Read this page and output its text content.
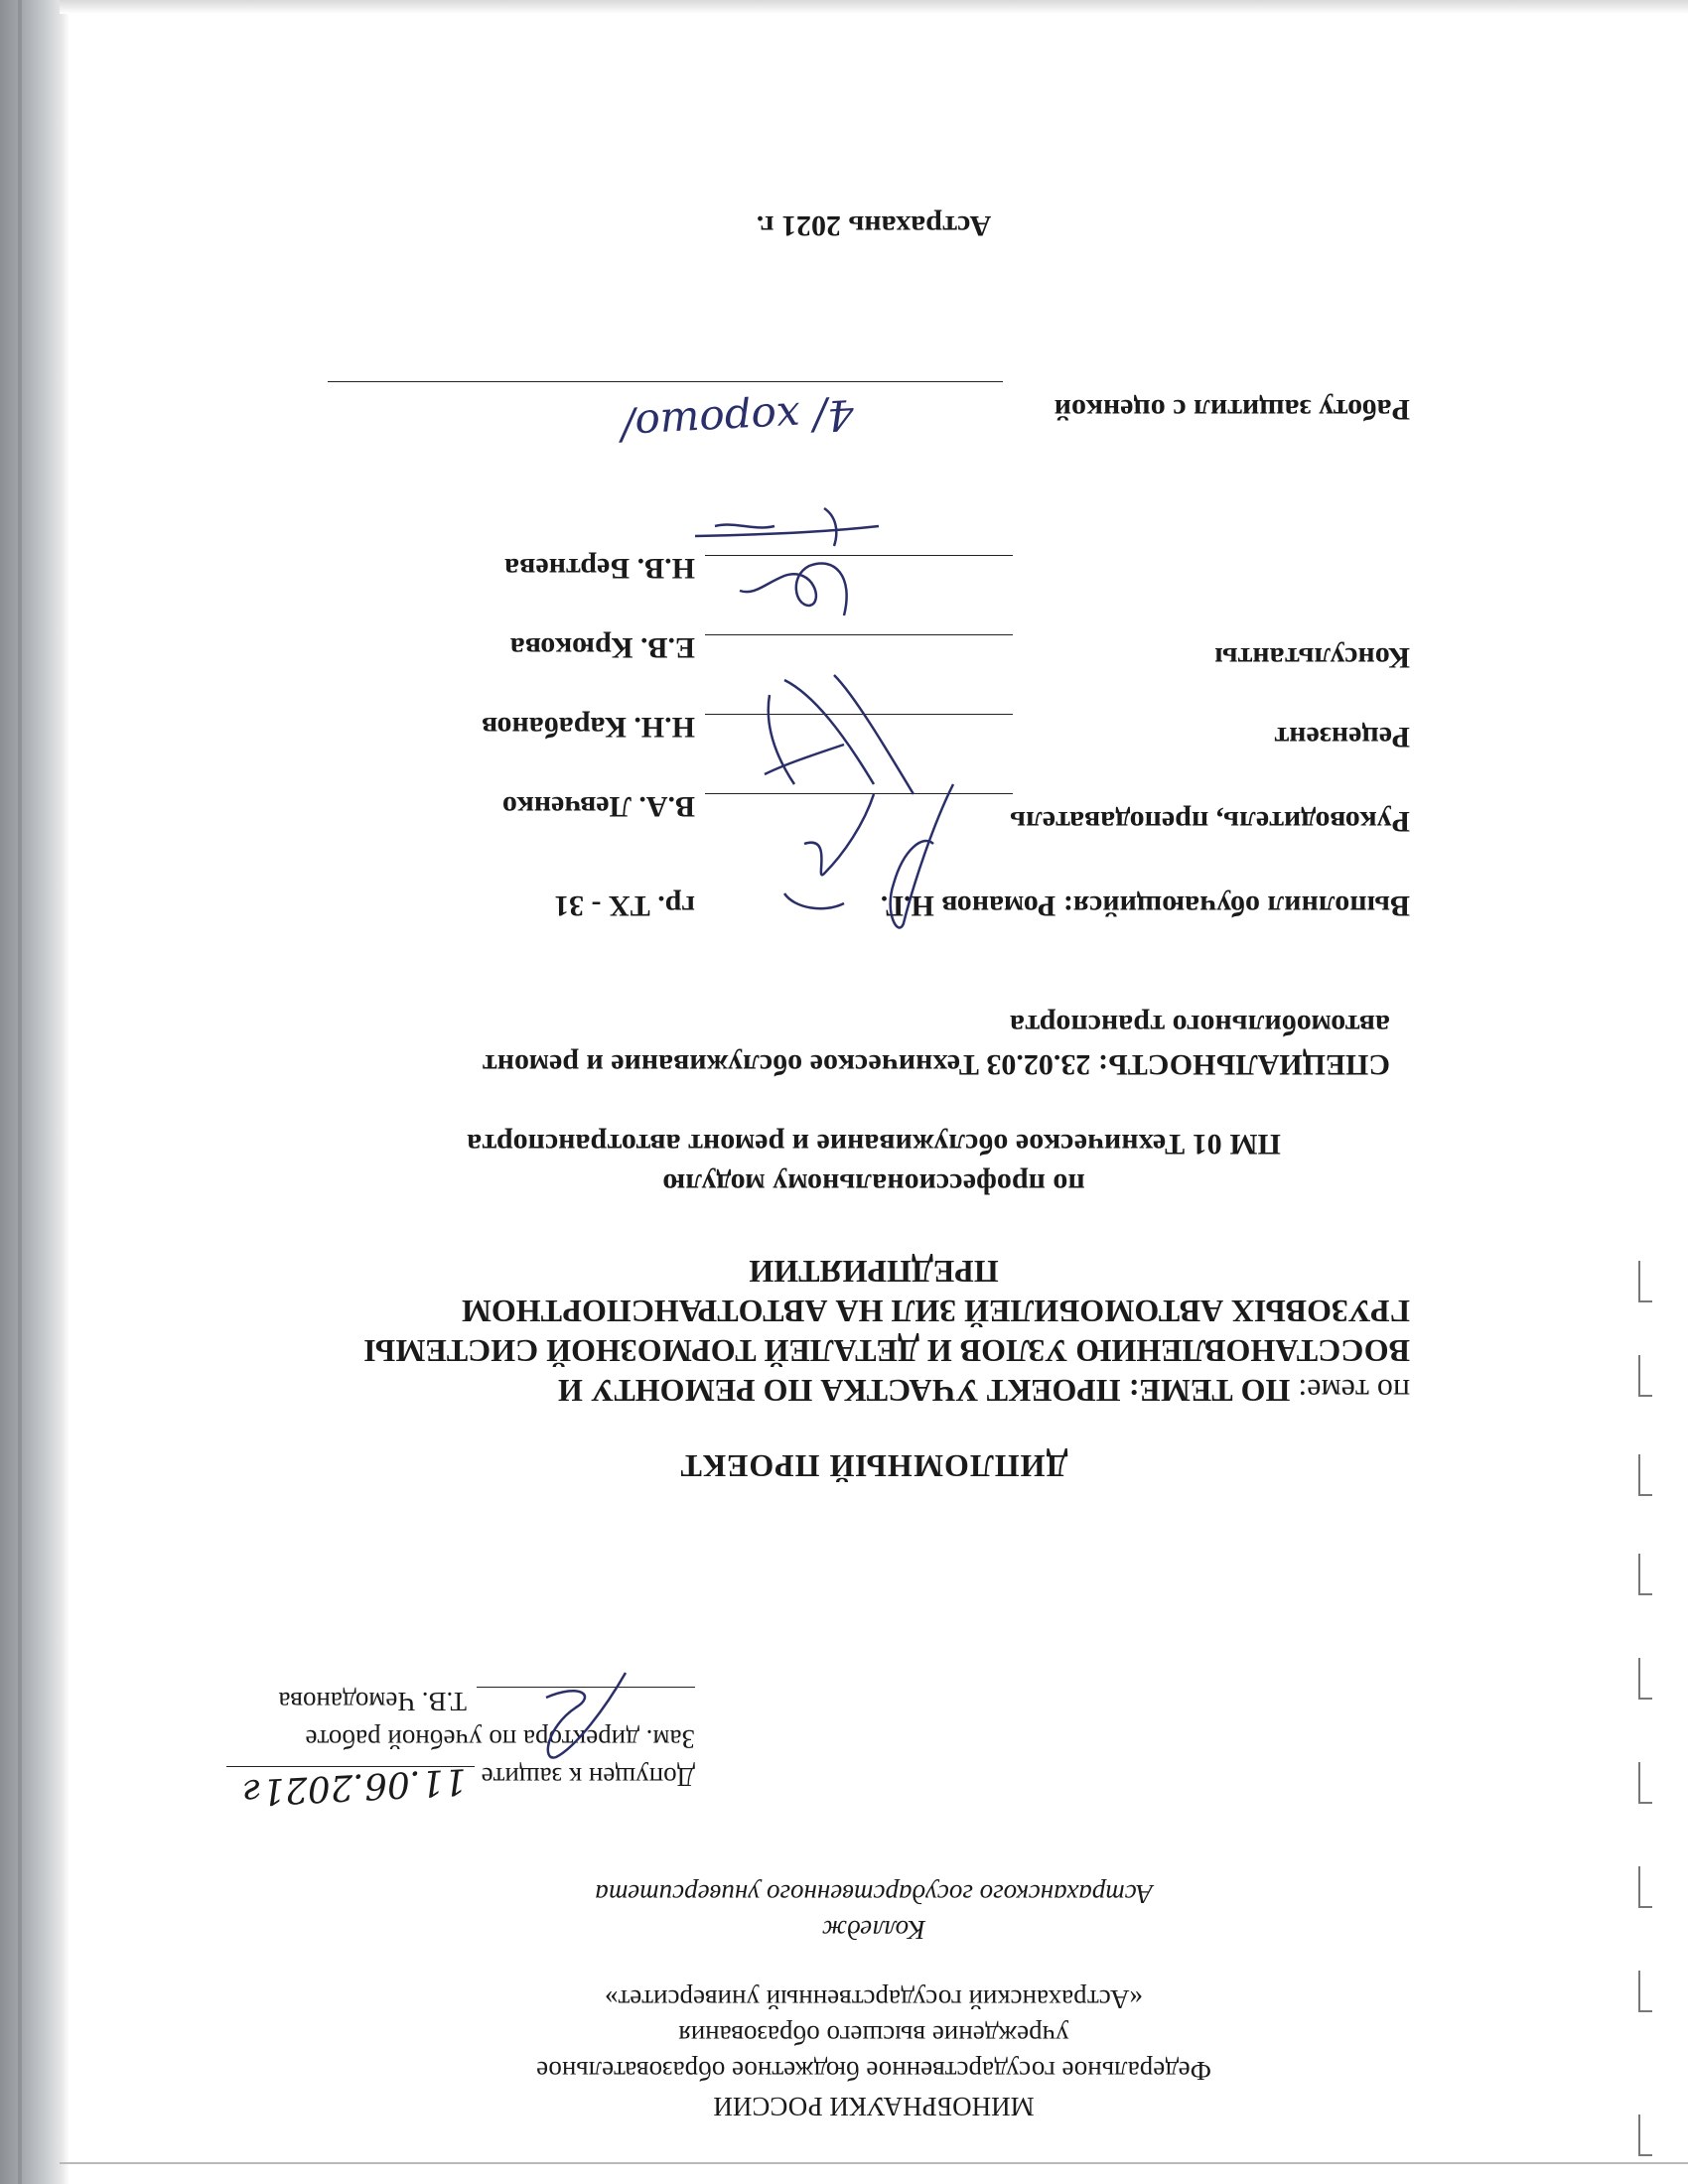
МИНОБРНАУКИ РОССИИ
Федеральное государственное бюджетное образовательное
учреждение высшего образования
«Астраханский государственный университет»
Колледж
Астраханского государственного университета
Допущен к защите
11.06.2021г
Зам. директора по учебной работе
Т.В. Чемоданова
ДИПЛОМНЫЙ ПРОЕКТ
по теме: ПО ТЕМЕ: ПРОЕКТ УЧАСТКА ПО РЕМОНТУ И
ВОССТАНОВЛЕНИЮ УЗЛОВ И ДЕТАЛЕЙ ТОРМОЗНОЙ СИСТЕМЫ
ГРУЗОВЫХ АВТОМОБИЛЕЙ ЗИЛ НА АВТОТРАНСПОРТНОМ
ПРЕДПРИЯТИИ
по профессиональному модулю
ПМ 01 Техническое обслуживание и ремонт автотранспорта
СПЕЦИАЛЬНОСТЬ: 23.02.03 Техническое обслуживание и ремонт
автомобильного транспорта
Выполнил обучающийся: Романов Н.Г.
гр. ТХ - 31
Руководитель, преподаватель
В.А. Левченко
Рецензент
Н.Н. Карабанов
Консультанты
Е.В. Крюкова
Н.В. Бертнева
Работу защитил с оценкой
4/ хорошо/
Астрахань 2021 г.
